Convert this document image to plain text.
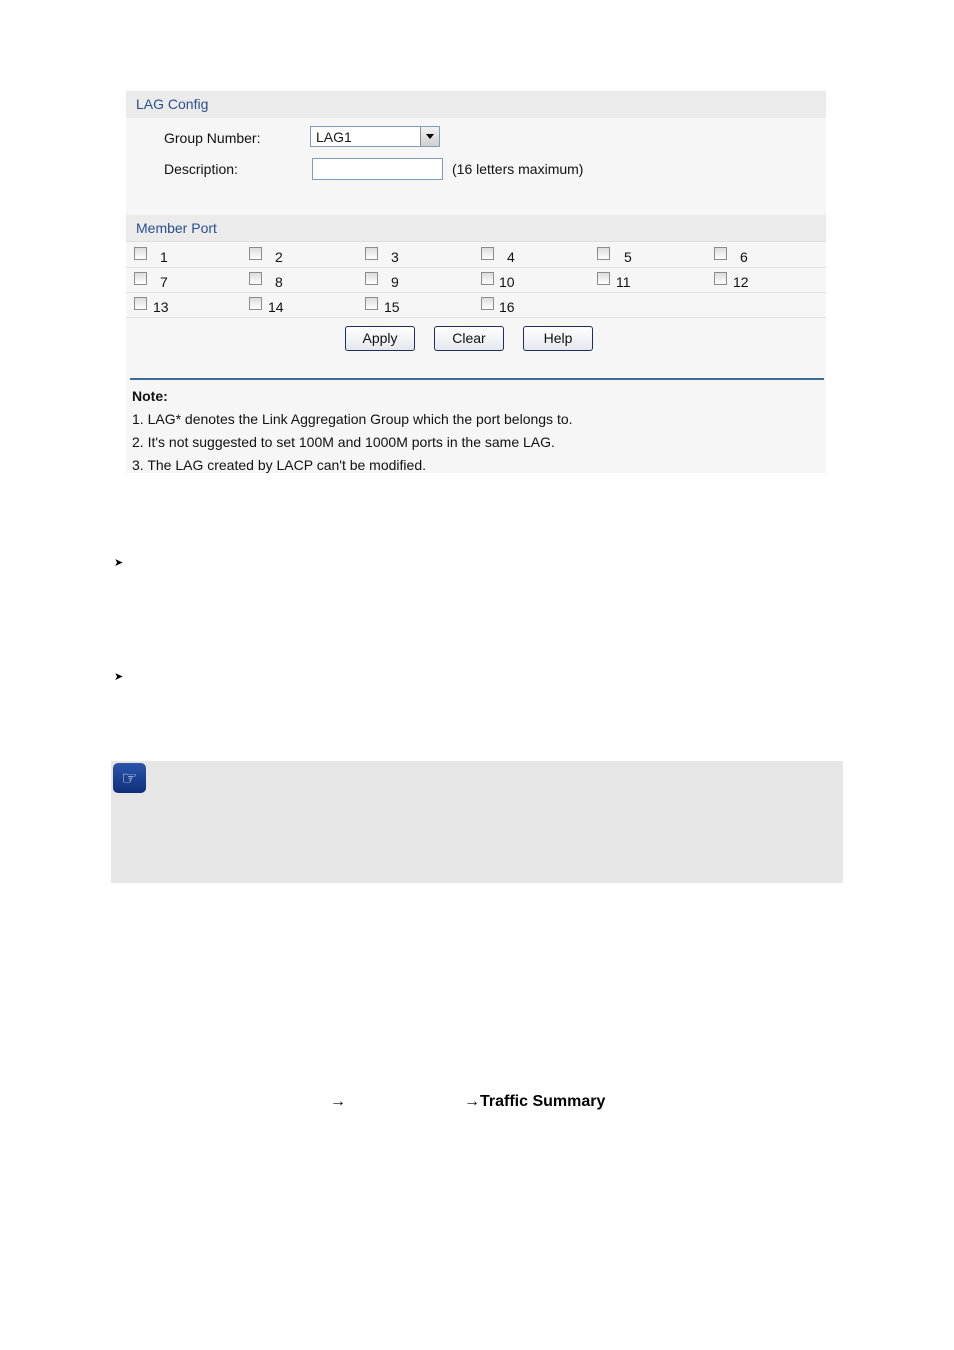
LAG Config
Group Number:	LAG1
Description:	(16 letters maximum)
Member Port
1	2	3	4	5	6
7	8	9	10	11	12
13	14	15	16
Apply	Clear	Help
Note:
1. LAG* denotes the Link Aggregation Group which the port belongs to.
2. It's not suggested to set 100M and 1000M ports in the same LAG.
3. The LAG created by LACP can't be modified.
➤
➤
☞
→	→Traffic Summary
